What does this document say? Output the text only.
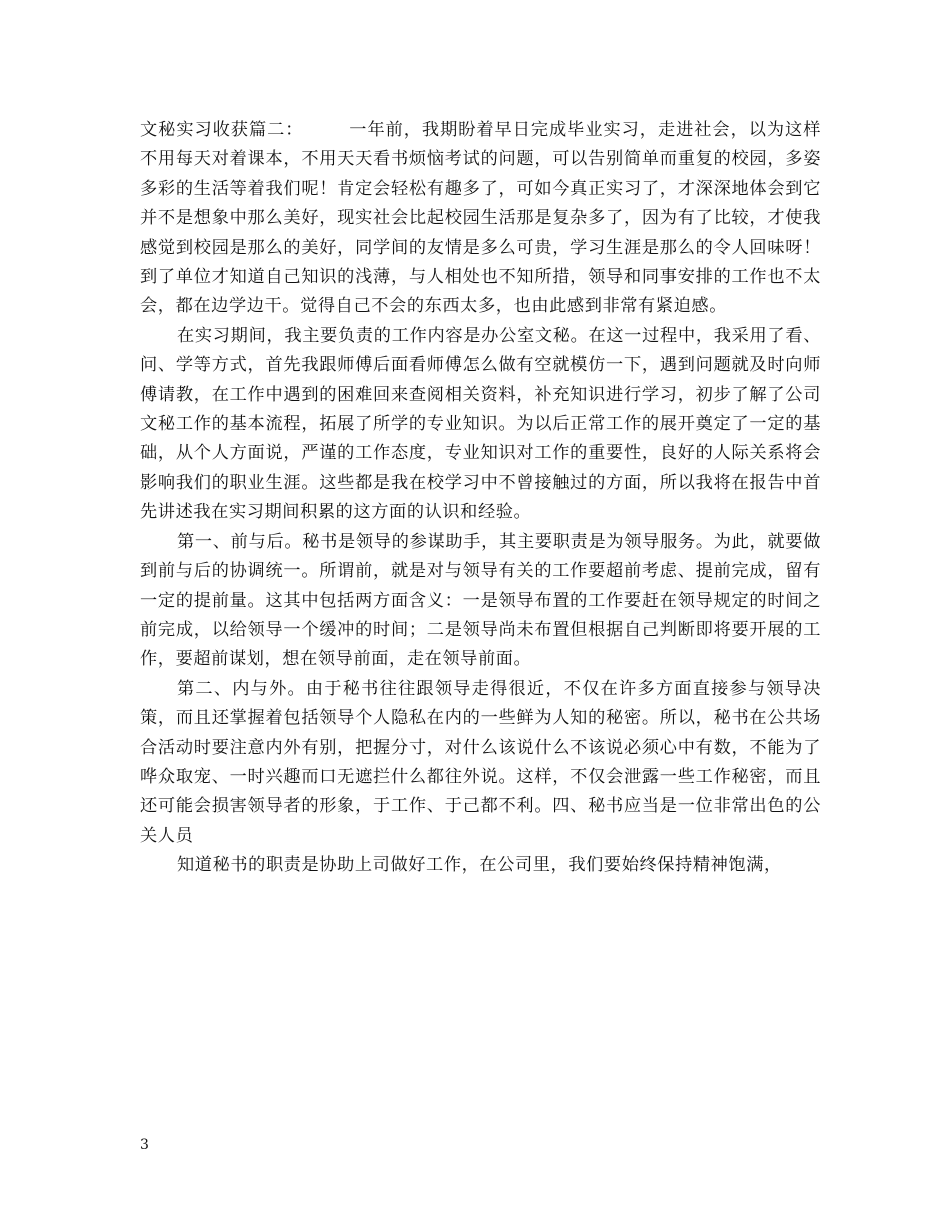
文秘实习收获篇二：　　　一年前，我期盼着早日完成毕业实习，走进社会，以为这样不用每天对着课本，不用天天看书烦恼考试的问题，可以告别简单而重复的校园，多姿多彩的生活等着我们呢！肯定会轻松有趣多了，可如今真正实习了，才深深地体会到它并不是想象中那么美好，现实社会比起校园生活那是复杂多了，因为有了比较，才使我感觉到校园是那么的美好，同学间的友情是多么可贵，学习生涯是那么的令人回味呀！到了单位才知道自己知识的浅薄，与人相处也不知所措，领导和同事安排的工作也不太会，都在边学边干。觉得自己不会的东西太多，也由此感到非常有紧迫感。

在实习期间，我主要负责的工作内容是办公室文秘。在这一过程中，我采用了看、问、学等方式，首先我跟师傅后面看师傅怎么做有空就模仿一下，遇到问题就及时向师傅请教，在工作中遇到的困难回来查阅相关资料，补充知识进行学习，初步了解了公司文秘工作的基本流程，拓展了所学的专业知识。为以后正常工作的展开奠定了一定的基础，从个人方面说，严谨的工作态度，专业知识对工作的重要性，良好的人际关系将会影响我们的职业生涯。这些都是我在校学习中不曾接触过的方面，所以我将在报告中首先讲述我在实习期间积累的这方面的认识和经验。

第一、前与后。秘书是领导的参谋助手，其主要职责是为领导服务。为此，就要做到前与后的协调统一。所谓前，就是对与领导有关的工作要超前考虑、提前完成，留有一定的提前量。这其中包括两方面含义：一是领导布置的工作要赶在领导规定的时间之前完成，以给领导一个缓冲的时间；二是领导尚未布置但根据自己判断即将要开展的工作，要超前谋划，想在领导前面，走在领导前面。

第二、内与外。由于秘书往往跟领导走得很近，不仅在许多方面直接参与领导决策，而且还掌握着包括领导个人隐私在内的一些鲜为人知的秘密。所以，秘书在公共场合活动时要注意内外有别，把握分寸，对什么该说什么不该说必须心中有数，不能为了哗众取宠、一时兴趣而口无遮拦什么都往外说。这样，不仅会泄露一些工作秘密，而且还可能会损害领导者的形象，于工作、于己都不利。四、秘书应当是一位非常出色的公关人员

知道秘书的职责是协助上司做好工作，在公司里，我们要始终保持精神饱满，

3
